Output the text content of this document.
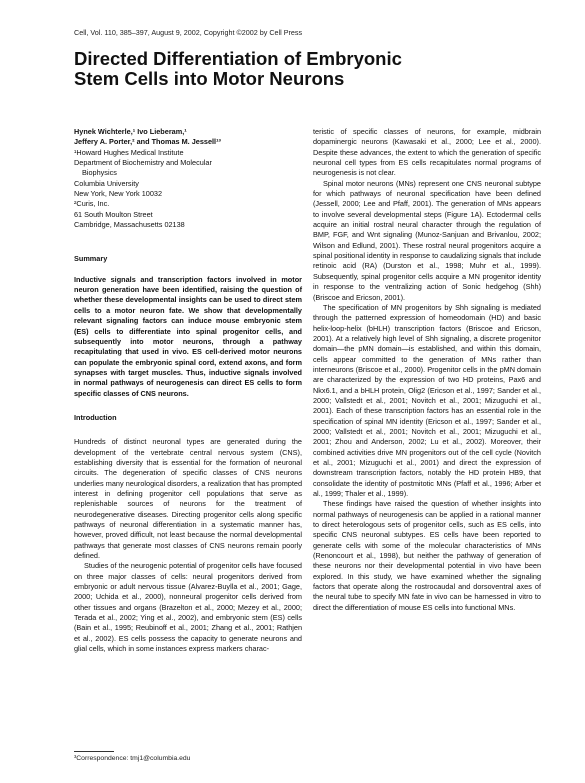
Cell, Vol. 110, 385–397, August 9, 2002, Copyright ©2002 by Cell Press
Directed Differentiation of Embryonic
Stem Cells into Motor Neurons
Hynek Wichterle,¹ Ivo Lieberam,¹
Jeffery A. Porter,² and Thomas M. Jessell¹³
¹Howard Hughes Medical Institute
Department of Biochemistry and Molecular
Biophysics
Columbia University
New York, New York 10032
²Curis, Inc.
61 South Moulton Street
Cambridge, Massachusetts 02138
Summary

Inductive signals and transcription factors involved in motor neuron generation have been identified, raising the question of whether these developmental insights can be used to direct stem cells to a motor neuron fate. We show that developmentally relevant signaling factors can induce mouse embryonic stem (ES) cells to differentiate into spinal progenitor cells, and subsequently into motor neurons, through a pathway recapitulating that used in vivo. ES cell-derived motor neurons can populate the embryonic spinal cord, extend axons, and form synapses with target muscles. Thus, inductive signals involved in normal pathways of neurogenesis can direct ES cells to form specific classes of CNS neurons.

Introduction

Hundreds of distinct neuronal types are generated during the development of the vertebrate central nervous system (CNS), establishing diversity that is essential for the formation of neuronal circuits. The degeneration of specific classes of CNS neurons underlies many neurological disorders, a realization that has prompted interest in defining progenitor cell populations that serve as replenishable sources of neurons for the treatment of neurodegenerative diseases. Directing progenitor cells along specific pathways of neuronal differentiation in a systematic manner has, however, proved difficult, not least because the normal developmental pathways that generate most classes of CNS neurons remain poorly defined.

Studies of the neurogenic potential of progenitor cells have focused on three major classes of cells: neural progenitors derived from embryonic or adult nervous tissue (Alvarez-Buylla et al., 2001; Gage, 2000; Uchida et al., 2000), nonneural progenitor cells derived from other tissues and organs (Brazelton et al., 2000; Mezey et al., 2000; Terada et al., 2002; Ying et al., 2002), and embryonic stem (ES) cells (Bain et al., 1995; Reubinoff et al., 2001; Zhang et al., 2001; Rathjen et al., 2002). ES cells possess the capacity to generate neurons and glial cells, which in some instances express markers charac-

teristic of specific classes of neurons, for example, midbrain dopaminergic neurons (Kawasaki et al., 2000; Lee et al., 2000). Despite these advances, the extent to which the generation of specific neuronal cell types from ES cells recapitulates normal programs of neurogenesis is not clear.

Spinal motor neurons (MNs) represent one CNS neuronal subtype for which pathways of neuronal specification have been defined (Jessell, 2000; Lee and Pfaff, 2001). The generation of MNs appears to involve several developmental steps (Figure 1A). Ectodermal cells acquire an initial rostral neural character through the regulation of BMP, FGF, and Wnt signaling (Munoz-Sanjuan and Brivanlou, 2002; Wilson and Edlund, 2001). These rostral neural progenitors acquire a spinal positional identity in response to caudalizing signals that include retinoic acid (RA) (Durston et al., 1998; Muhr et al., 1999). Subsequently, spinal progenitor cells acquire a MN progenitor identity in response to the ventralizing action of Sonic hedgehog (Shh) (Briscoe and Ericson, 2001).

The specification of MN progenitors by Shh signaling is mediated through the patterned expression of homeodomain (HD) and basic helix-loop-helix (bHLH) transcription factors (Briscoe and Ericson, 2001). At a relatively high level of Shh signaling, a discrete progenitor domain—the pMN domain—is established, and within this domain, cells appear committed to the generation of MNs rather than interneurons (Briscoe et al., 2000). Progenitor cells in the pMN domain are characterized by the expression of two HD proteins, Pax6 and Nkx6.1, and a bHLH protein, Olig2 (Ericson et al., 1997; Sander et al., 2000; Vallstedt et al., 2001; Novitch et al., 2001; Mizuguchi et al., 2001). Each of these transcription factors has an essential role in the specification of spinal MN identity (Ericson et al., 1997; Sander et al., 2000; Vallstedt et al., 2001; Novitch et al., 2001; Mizuguchi et al., 2001; Zhou and Anderson, 2002; Lu et al., 2002). Moreover, their combined activities drive MN progenitors out of the cell cycle (Novitch et al., 2001; Mizuguchi et al., 2001) and direct the expression of downstream transcription factors, notably the HD protein HB9, that consolidate the identity of postmitotic MNs (Pfaff et al., 1996; Arber et al., 1999; Thaler et al., 1999).

These findings have raised the question of whether insights into normal pathways of neurogenesis can be applied in a rational manner to direct heterologous sets of progenitor cells, such as ES cells, into specific CNS neuronal subtypes. ES cells have been reported to generate cells with some of the molecular characteristics of MNs (Renoncourt et al., 1998), but neither the pathway of generation of these neurons nor their developmental potential in vivo have been explored. In this study, we have examined whether the signaling factors that operate along the rostrocaudal and dorsoventral axes of the neural tube to specify MN fate in vivo can be harnessed in vitro to direct the differentiation of mouse ES cells into functional MNs.

³Correspondence: tmj1@columbia.edu
